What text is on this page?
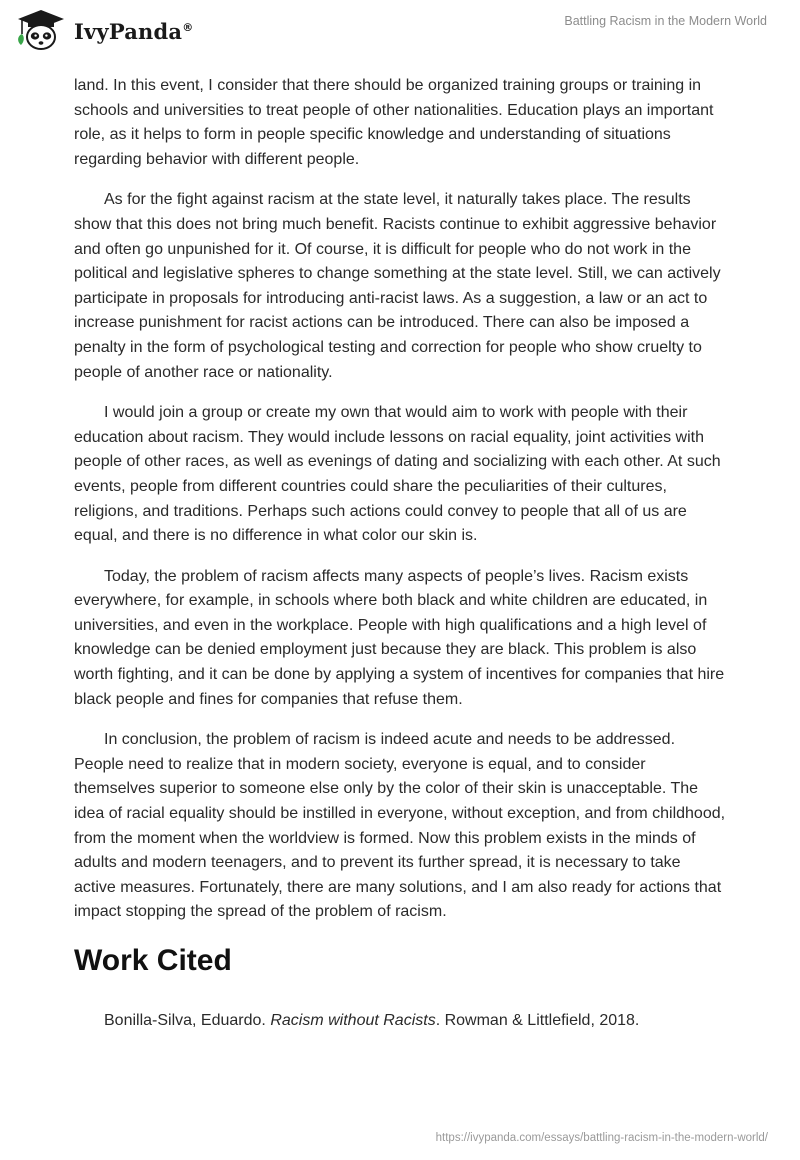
IvyPanda®	Battling Racism in the Modern World

land. In this event, I consider that there should be organized training groups or training in schools and universities to treat people of other nationalities. Education plays an important role, as it helps to form in people specific knowledge and understanding of situations regarding behavior with different people.

As for the fight against racism at the state level, it naturally takes place. The results show that this does not bring much benefit. Racists continue to exhibit aggressive behavior and often go unpunished for it. Of course, it is difficult for people who do not work in the political and legislative spheres to change something at the state level. Still, we can actively participate in proposals for introducing anti-racist laws. As a suggestion, a law or an act to increase punishment for racist actions can be introduced. There can also be imposed a penalty in the form of psychological testing and correction for people who show cruelty to people of another race or nationality.

I would join a group or create my own that would aim to work with people with their education about racism. They would include lessons on racial equality, joint activities with people of other races, as well as evenings of dating and socializing with each other. At such events, people from different countries could share the peculiarities of their cultures, religions, and traditions. Perhaps such actions could convey to people that all of us are equal, and there is no difference in what color our skin is.

Today, the problem of racism affects many aspects of people’s lives. Racism exists everywhere, for example, in schools where both black and white children are educated, in universities, and even in the workplace. People with high qualifications and a high level of knowledge can be denied employment just because they are black. This problem is also worth fighting, and it can be done by applying a system of incentives for companies that hire black people and fines for companies that refuse them.

In conclusion, the problem of racism is indeed acute and needs to be addressed. People need to realize that in modern society, everyone is equal, and to consider themselves superior to someone else only by the color of their skin is unacceptable. The idea of racial equality should be instilled in everyone, without exception, and from childhood, from the moment when the worldview is formed. Now this problem exists in the minds of adults and modern teenagers, and to prevent its further spread, it is necessary to take active measures. Fortunately, there are many solutions, and I am also ready for actions that impact stopping the spread of the problem of racism.

Work Cited

Bonilla-Silva, Eduardo. Racism without Racists. Rowman & Littlefield, 2018.

https://ivypanda.com/essays/battling-racism-in-the-modern-world/
